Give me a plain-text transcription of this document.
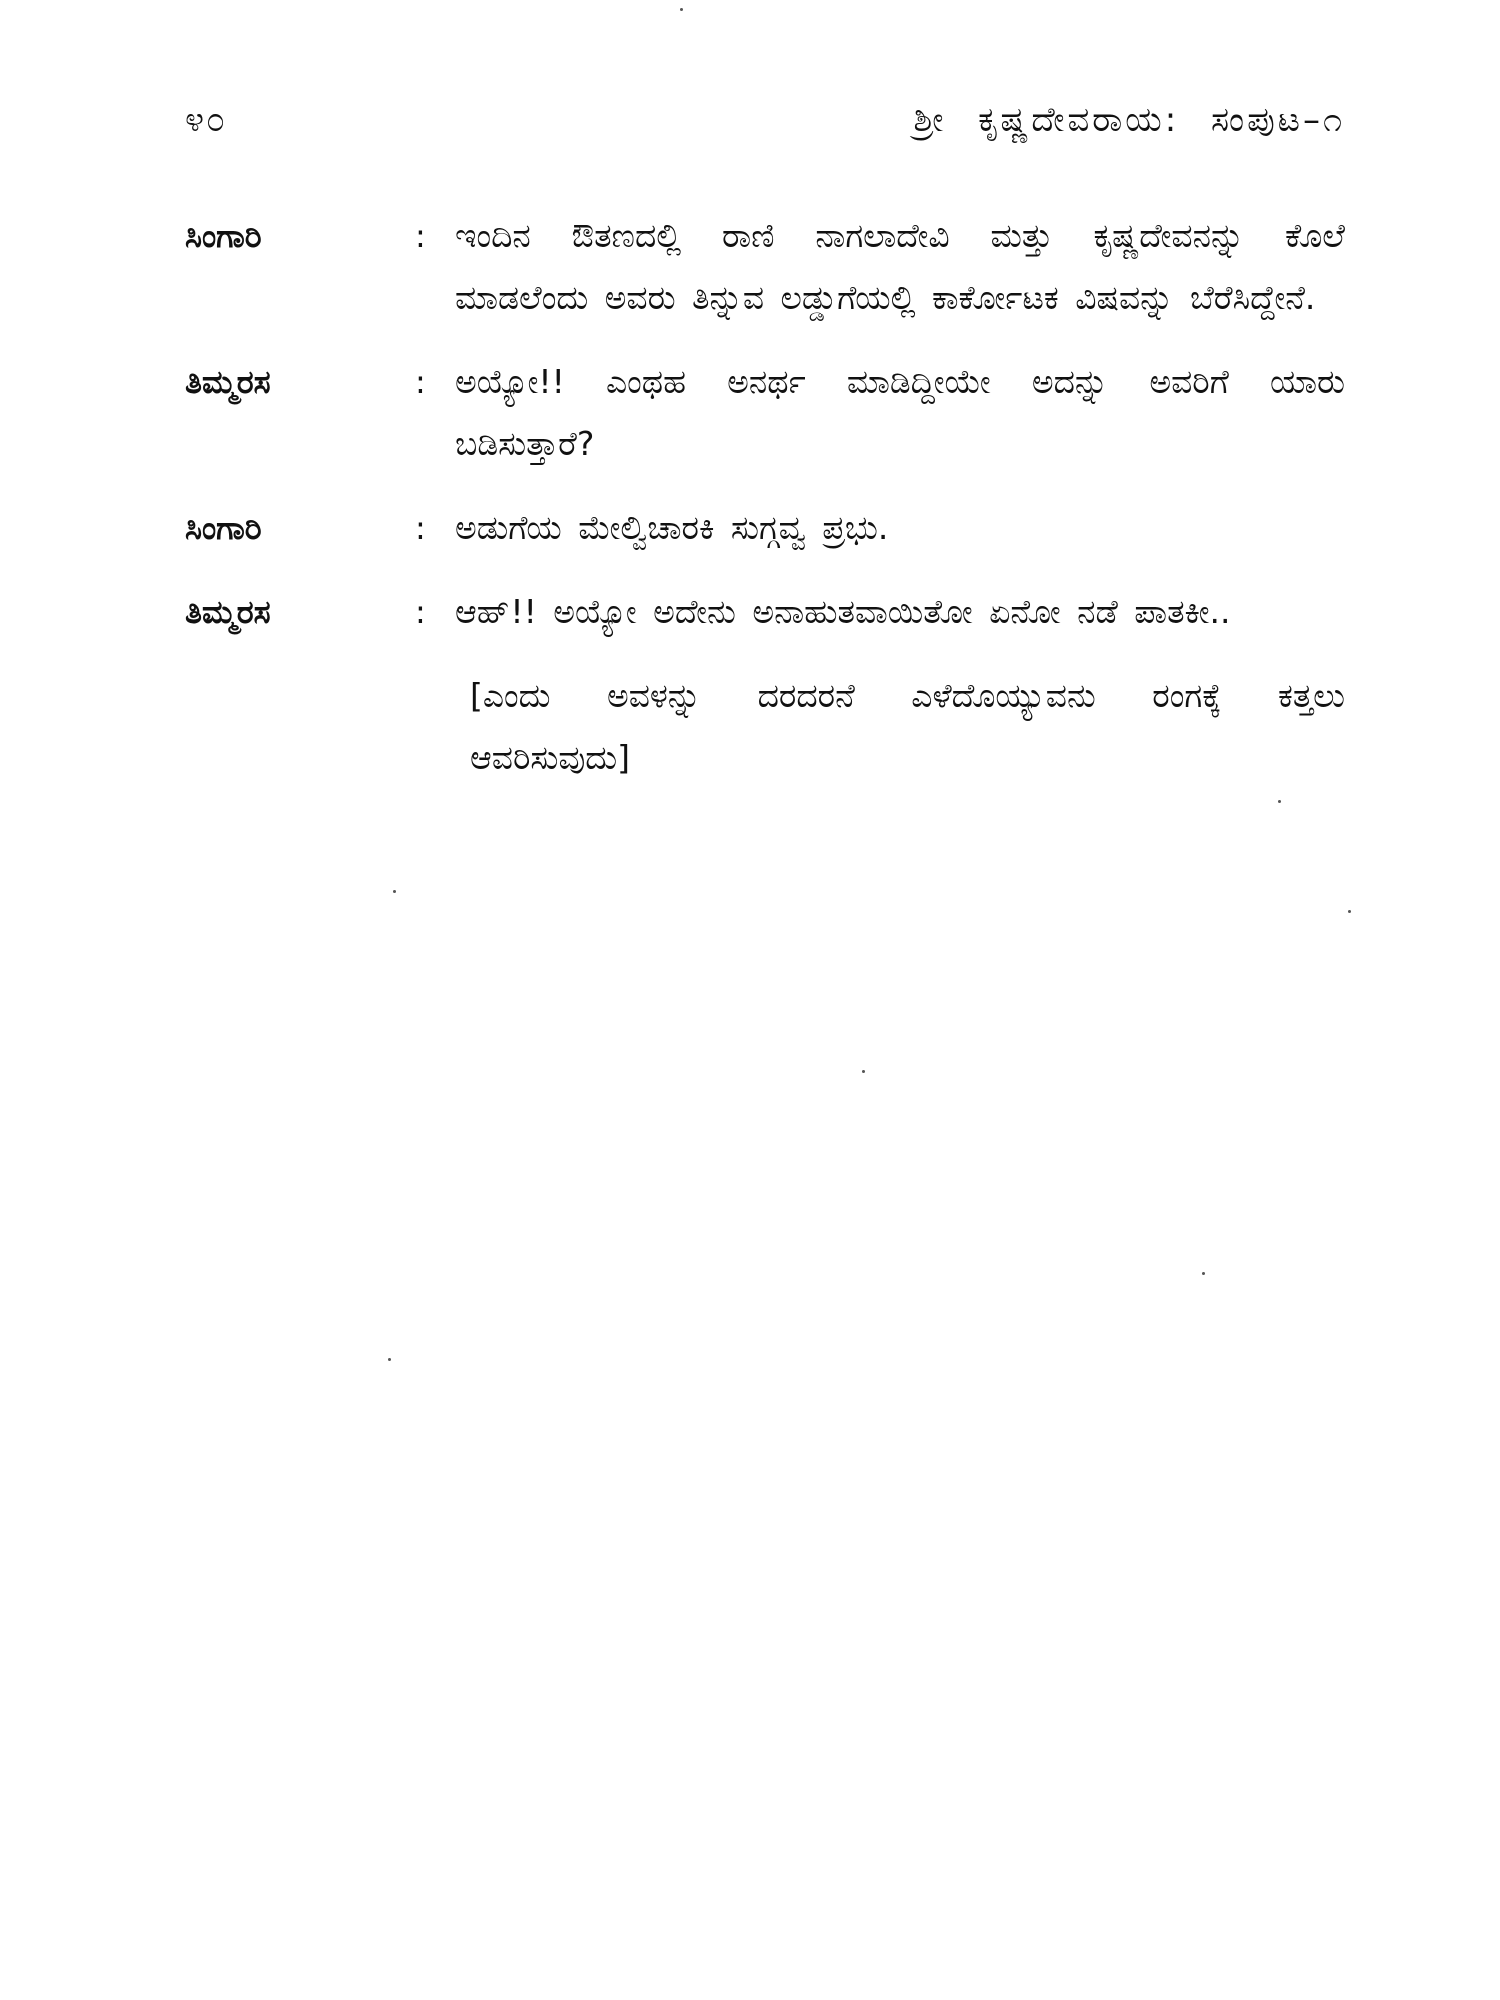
೪೦	ಶ್ರೀ ಕೃಷ್ಣದೇವರಾಯ: ಸಂಪುಟ–೧
ಸಿಂಗಾರಿ	: ಇಂದಿನ ಔತಣದಲ್ಲಿ ರಾಣಿ ನಾಗಲಾದೇವಿ ಮತ್ತು ಕೃಷ್ಣದೇವನನ್ನು ಕೊಲೆ ಮಾಡಲೆಂದು ಅವರು ತಿನ್ನುವ ಲಡ್ಡುಗೆಯಲ್ಲಿ ಕಾರ್ಕೋಟಕ ವಿಷವನ್ನು ಬೆರೆಸಿದ್ದೇನೆ.
ತಿಮ್ಮರಸ	: ಅಯ್ಯೋ!! ಎಂಥಹ ಅನರ್ಥ ಮಾಡಿದ್ದೀಯೇ ಅದನ್ನು ಅವರಿಗೆ ಯಾರು ಬಡಿಸುತ್ತಾರೆ?
ಸಿಂಗಾರಿ	: ಅಡುಗೆಯ ಮೇಲ್ವಿಚಾರಕಿ ಸುಗ್ಗವ್ವ ಪ್ರಭು.
ತಿಮ್ಮರಸ	: ಆಹ್!! ಅಯ್ಯೋ ಅದೇನು ಅನಾಹುತವಾಯಿತೋ ಏನೋ ನಡೆ ಪಾತಕೀ..
[ಎಂದು ಅವಳನ್ನು ದರದರನೆ ಎಳೆದೊಯ್ಯುವನು ರಂಗಕ್ಕೆ ಕತ್ತಲು ಆವರಿಸುವುದು]
